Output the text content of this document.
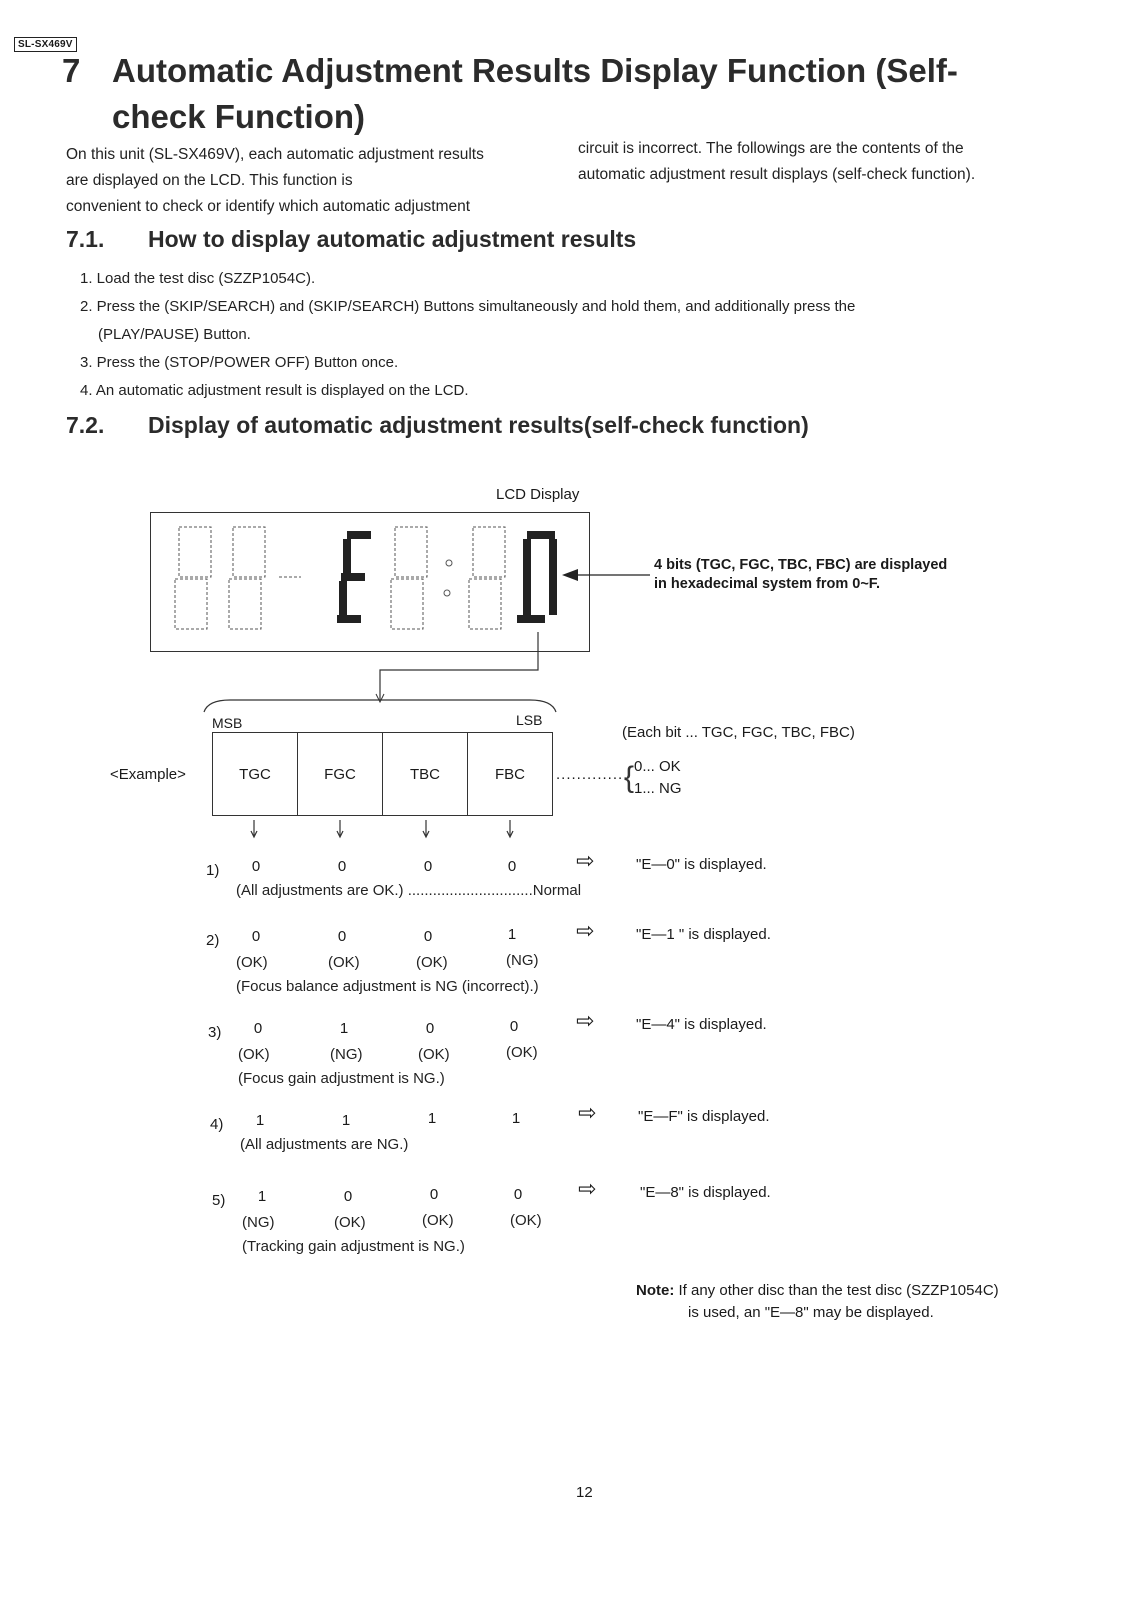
SL-SX469V
7 Automatic Adjustment Results Display Function (Self-check Function)
On this unit (SL-SX469V), each automatic adjustment results
are displayed on the LCD. This function is
convenient to check or identify which automatic adjustment
circuit is incorrect. The followings are the contents of the
automatic adjustment result displays (self-check function).
7.1. How to display automatic adjustment results
1. Load the test disc (SZZP1054C).
2. Press the (SKIP/SEARCH) and (SKIP/SEARCH) Buttons simultaneously and hold them, and additionally press the
(PLAY/PAUSE) Button.
3. Press the (STOP/POWER OFF) Button once.
4. An automatic adjustment result is displayed on the LCD.
7.2. Display of automatic adjustment results(self-check function)
LCD Display
4 bits (TGC, FGC, TBC, FBC) are displayed
in hexadecimal system from 0~F.
MSB	LSB
<Example>	TGC	FGC	TBC	FBC ..............
(Each bit ... TGC, FGC, TBC, FBC)
{ 0... OK
1... NG
1)	0	0	0	0	⇨	"E—0" is displayed.
(All adjustments are OK.) ..............................Normal
2)	0	0	0	1	⇨	"E—1 " is displayed.
(OK)	(OK)	(OK)	(NG)
(Focus balance adjustment is NG (incorrect).)
3)	0	1	0	0	⇨	"E—4" is displayed.
(OK)	(NG)	(OK)	(OK)
(Focus gain adjustment is NG.)
4)	1	1	1	1	⇨	"E—F" is displayed.
(All adjustments are NG.)
5)	1	0	0	0	⇨	"E—8" is displayed.
(NG)	(OK)	(OK)	(OK)
(Tracking gain adjustment is NG.)
Note: If any other disc than the test disc (SZZP1054C)
is used, an "E—8" may be displayed.
12
